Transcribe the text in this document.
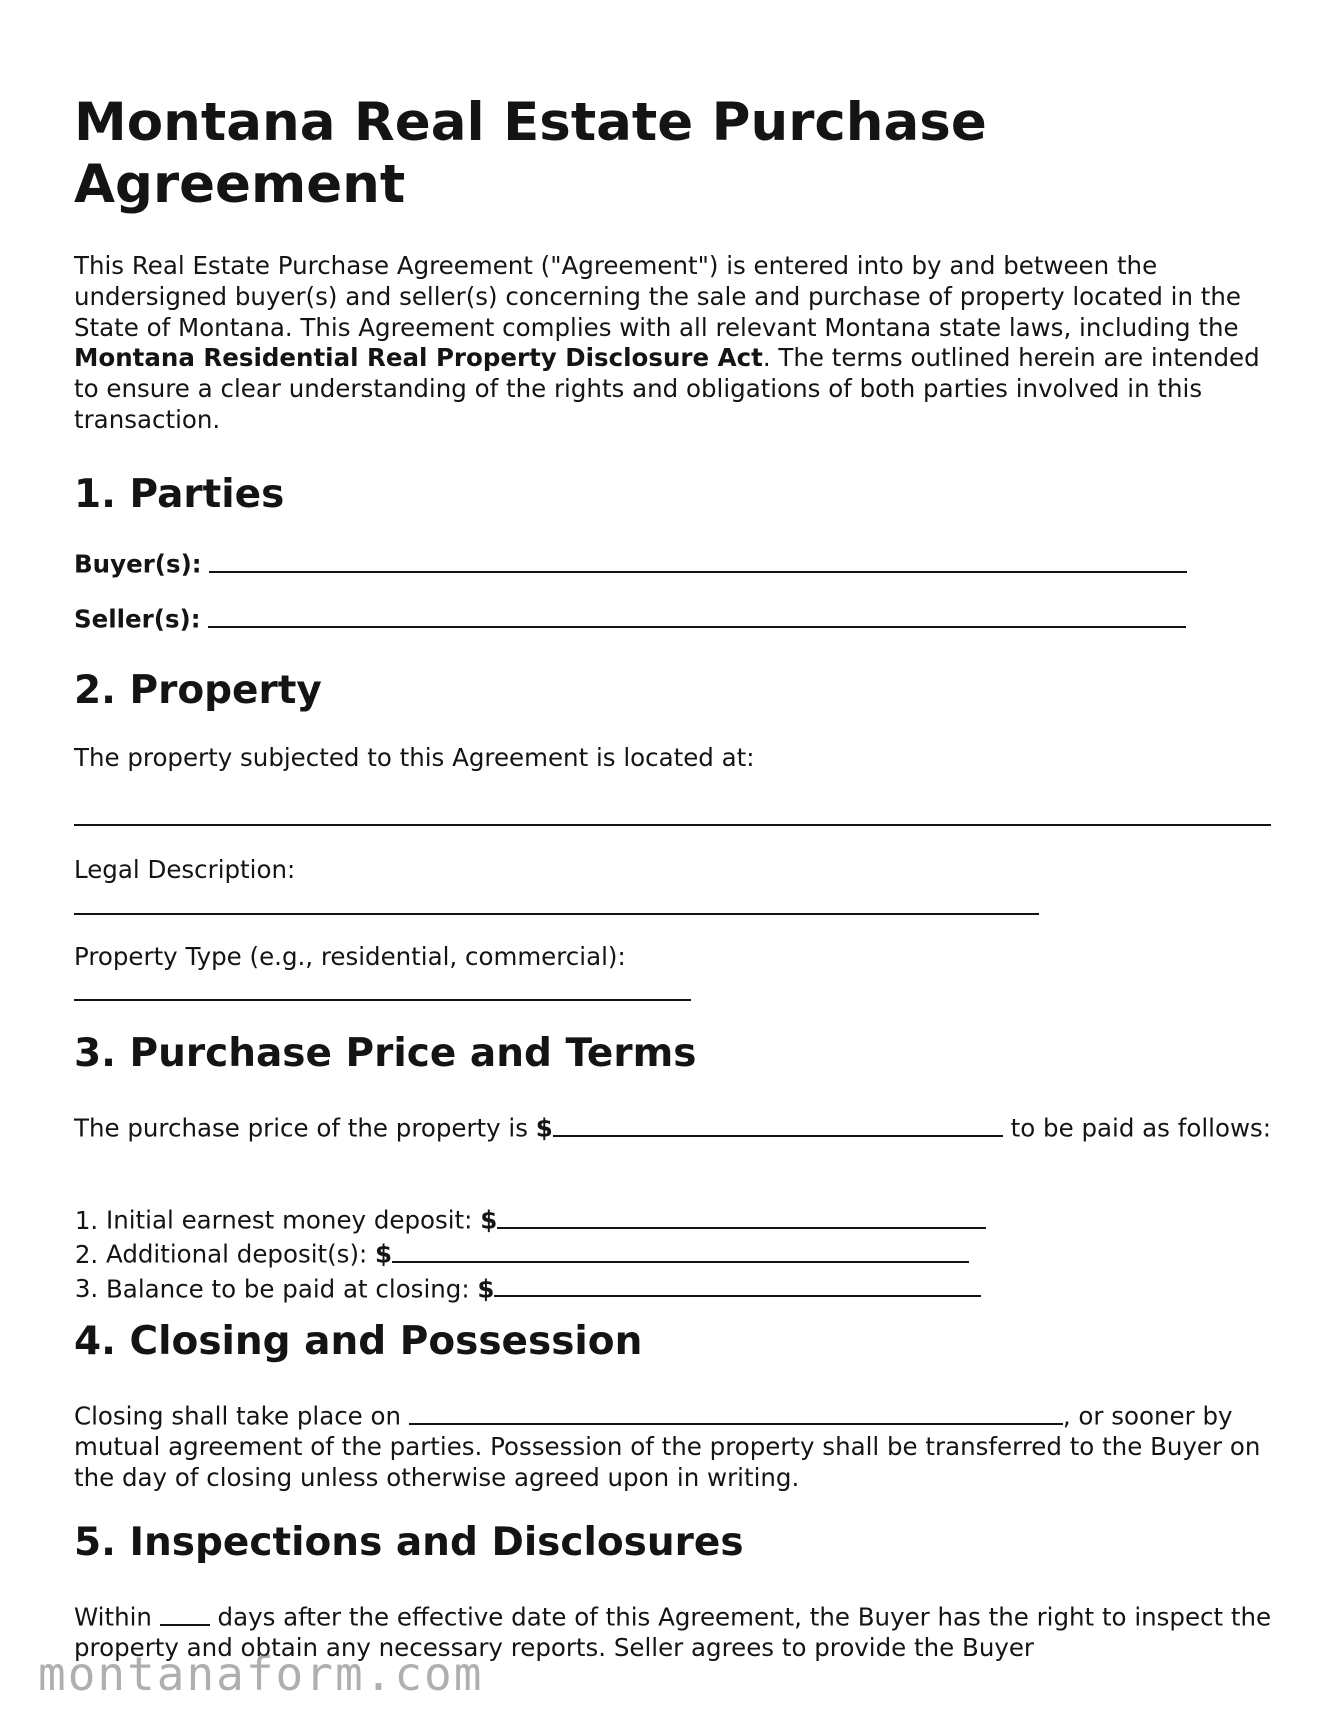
Montana Real Estate Purchase Agreement

This Real Estate Purchase Agreement ("Agreement") is entered into by and between the undersigned buyer(s) and seller(s) concerning the sale and purchase of property located in the State of Montana. This Agreement complies with all relevant Montana state laws, including the Montana Residential Real Property Disclosure Act. The terms outlined herein are intended to ensure a clear understanding of the rights and obligations of both parties involved in this transaction.

1. Parties

Buyer(s):

Seller(s):

2. Property

The property subjected to this Agreement is located at:

Legal Description:

Property Type (e.g., residential, commercial):

3. Purchase Price and Terms

The purchase price of the property is $	to be paid as follows:

1. Initial earnest money deposit: $
2. Additional deposit(s): $
3. Balance to be paid at closing: $
4. Closing and Possession

Closing shall take place on	, or sooner by mutual agreement of the parties. Possession of the property shall be transferred to the Buyer on the day of closing unless otherwise agreed upon in writing.

5. Inspections and Disclosures

Within  days after the effective date of this Agreement, the Buyer has the right to inspect the property and obtain any necessary reports. Seller agrees to provide the Buyer

montanaform.com
